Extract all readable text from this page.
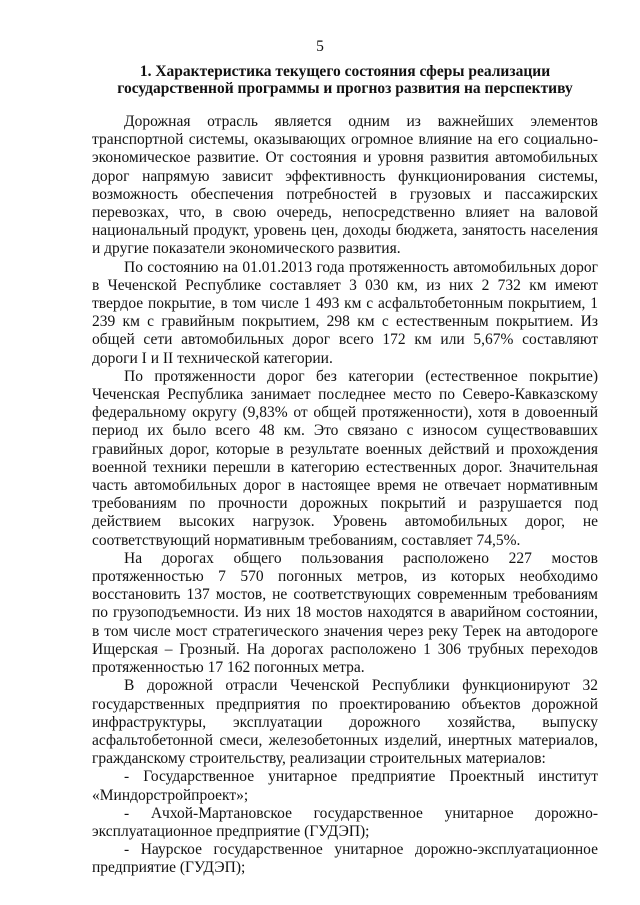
5
1. Характеристика текущего состояния сферы реализации
государственной программы и прогноз развития на перспективу

Дорожная отрасль является одним из важнейших элементов транспортной системы, оказывающих огромное влияние на его социально-экономическое развитие. От состояния и уровня развития автомобильных дорог напрямую зависит эффективность функционирования системы, возможность обеспечения потребностей в грузовых и пассажирских перевозках, что, в свою очередь, непосредственно влияет на валовой национальный продукт, уровень цен, доходы бюджета, занятость населения и другие показатели экономического развития.

По состоянию на 01.01.2013 года протяженность автомобильных дорог в Чеченской Республике составляет 3 030 км, из них 2 732 км имеют твердое покрытие, в том числе 1 493 км с асфальтобетонным покрытием, 1 239 км с гравийным покрытием, 298 км с естественным покрытием. Из общей сети автомобильных дорог всего 172 км или 5,67% составляют дороги I и II технической категории.

По протяженности дорог без категории (естественное покрытие) Чеченская Республика занимает последнее место по Северо-Кавказскому федеральному округу (9,83% от общей протяженности), хотя в довоенный период их было всего 48 км. Это связано с износом существовавших гравийных дорог, которые в результате военных действий и прохождения военной техники перешли в категорию естественных дорог. Значительная часть автомобильных дорог в настоящее время не отвечает нормативным требованиям по прочности дорожных покрытий и разрушается под действием высоких нагрузок. Уровень автомобильных дорог, не соответствующий нормативным требованиям, составляет 74,5%.

На дорогах общего пользования расположено 227 мостов протяженностью 7 570 погонных метров, из которых необходимо восстановить 137 мостов, не соответствующих современным требованиям по грузоподъемности. Из них 18 мостов находятся в аварийном состоянии, в том числе мост стратегического значения через реку Терек на автодороге Ищерская – Грозный. На дорогах расположено 1 306 трубных переходов протяженностью 17 162 погонных метра.

В дорожной отрасли Чеченской Республики функционируют 32 государственных предприятия по проектированию объектов дорожной инфраструктуры, эксплуатации дорожного хозяйства, выпуску асфальтобетонной смеси, железобетонных изделий, инертных материалов, гражданскому строительству, реализации строительных материалов:

- Государственное унитарное предприятие Проектный институт «Миндорстройпроект»;

- Ачхой-Мартановское государственное унитарное дорожно-эксплуатационное предприятие (ГУДЭП);

- Наурское государственное унитарное дорожно-эксплуатационное предприятие (ГУДЭП);
